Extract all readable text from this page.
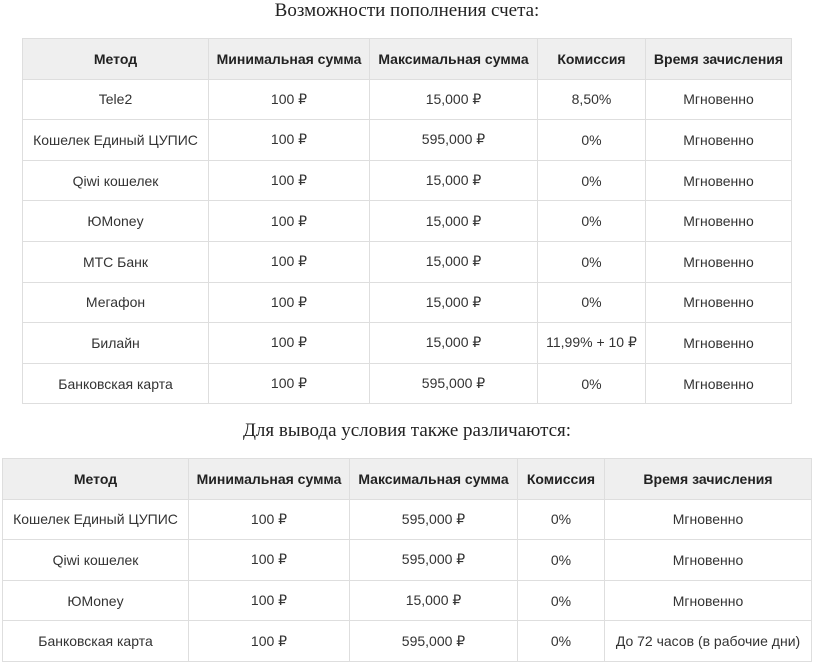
Возможности пополнения счета:
Метод	Минимальная сумма	Максимальная сумма	Комиссия	Время зачисления
Tele2	100 ₽	15,000 ₽	8,50%	Мгновенно
Кошелек Единый ЦУПИС	100 ₽	595,000 ₽	0%	Мгновенно
Qiwi кошелек	100 ₽	15,000 ₽	0%	Мгновенно
ЮMoney	100 ₽	15,000 ₽	0%	Мгновенно
МТС Банк	100 ₽	15,000 ₽	0%	Мгновенно
Мегафон	100 ₽	15,000 ₽	0%	Мгновенно
Билайн	100 ₽	15,000 ₽	11,99% + 10 ₽	Мгновенно
Банковская карта	100 ₽	595,000 ₽	0%	Мгновенно
Для вывода условия также различаются:
Метод	Минимальная сумма	Максимальная сумма	Комиссия	Время зачисления
Кошелек Единый ЦУПИС	100 ₽	595,000 ₽	0%	Мгновенно
Qiwi кошелек	100 ₽	595,000 ₽	0%	Мгновенно
ЮMoney	100 ₽	15,000 ₽	0%	Мгновенно
Банковская карта	100 ₽	595,000 ₽	0%	До 72 часов (в рабочие дни)
